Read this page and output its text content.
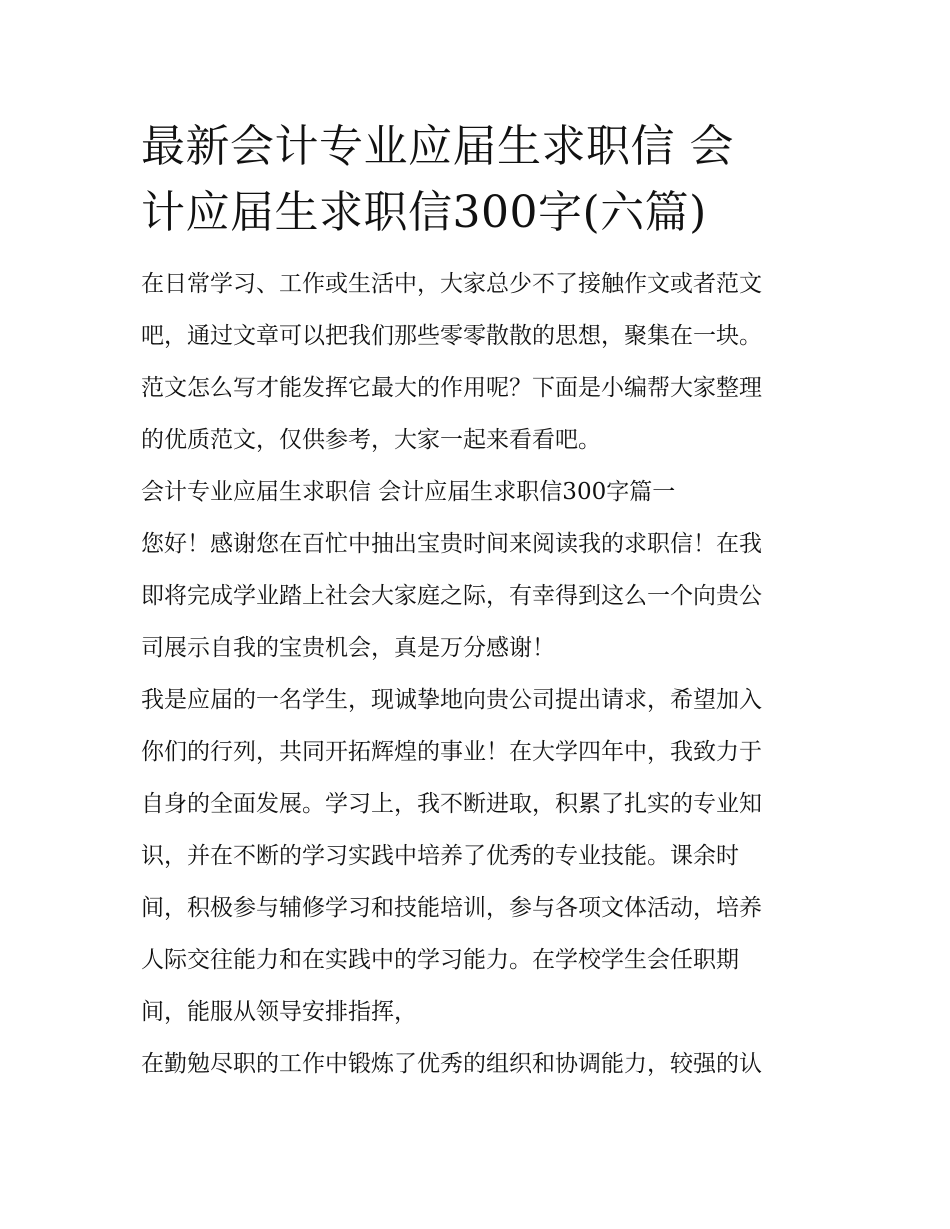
最新会计专业应届生求职信 会
计应届生求职信300字(六篇)

在日常学习、工作或生活中，大家总少不了接触作文或者范文
吧，通过文章可以把我们那些零零散散的思想，聚集在一块。
范文怎么写才能发挥它最大的作用呢？下面是小编帮大家整理
的优质范文，仅供参考，大家一起来看看吧。

会计专业应届生求职信 会计应届生求职信300字篇一

您好！感谢您在百忙中抽出宝贵时间来阅读我的求职信！在我
即将完成学业踏上社会大家庭之际，有幸得到这么一个向贵公
司展示自我的宝贵机会，真是万分感谢！

我是应届的一名学生，现诚挚地向贵公司提出请求，希望加入
你们的行列，共同开拓辉煌的事业！在大学四年中，我致力于
自身的全面发展。学习上，我不断进取，积累了扎实的专业知
识，并在不断的学习实践中培养了优秀的专业技能。课余时
间，积极参与辅修学习和技能培训，参与各项文体活动，培养
人际交往能力和在实践中的学习能力。在学校学生会任职期
间，能服从领导安排指挥，

在勤勉尽职的工作中锻炼了优秀的组织和协调能力，较强的认
